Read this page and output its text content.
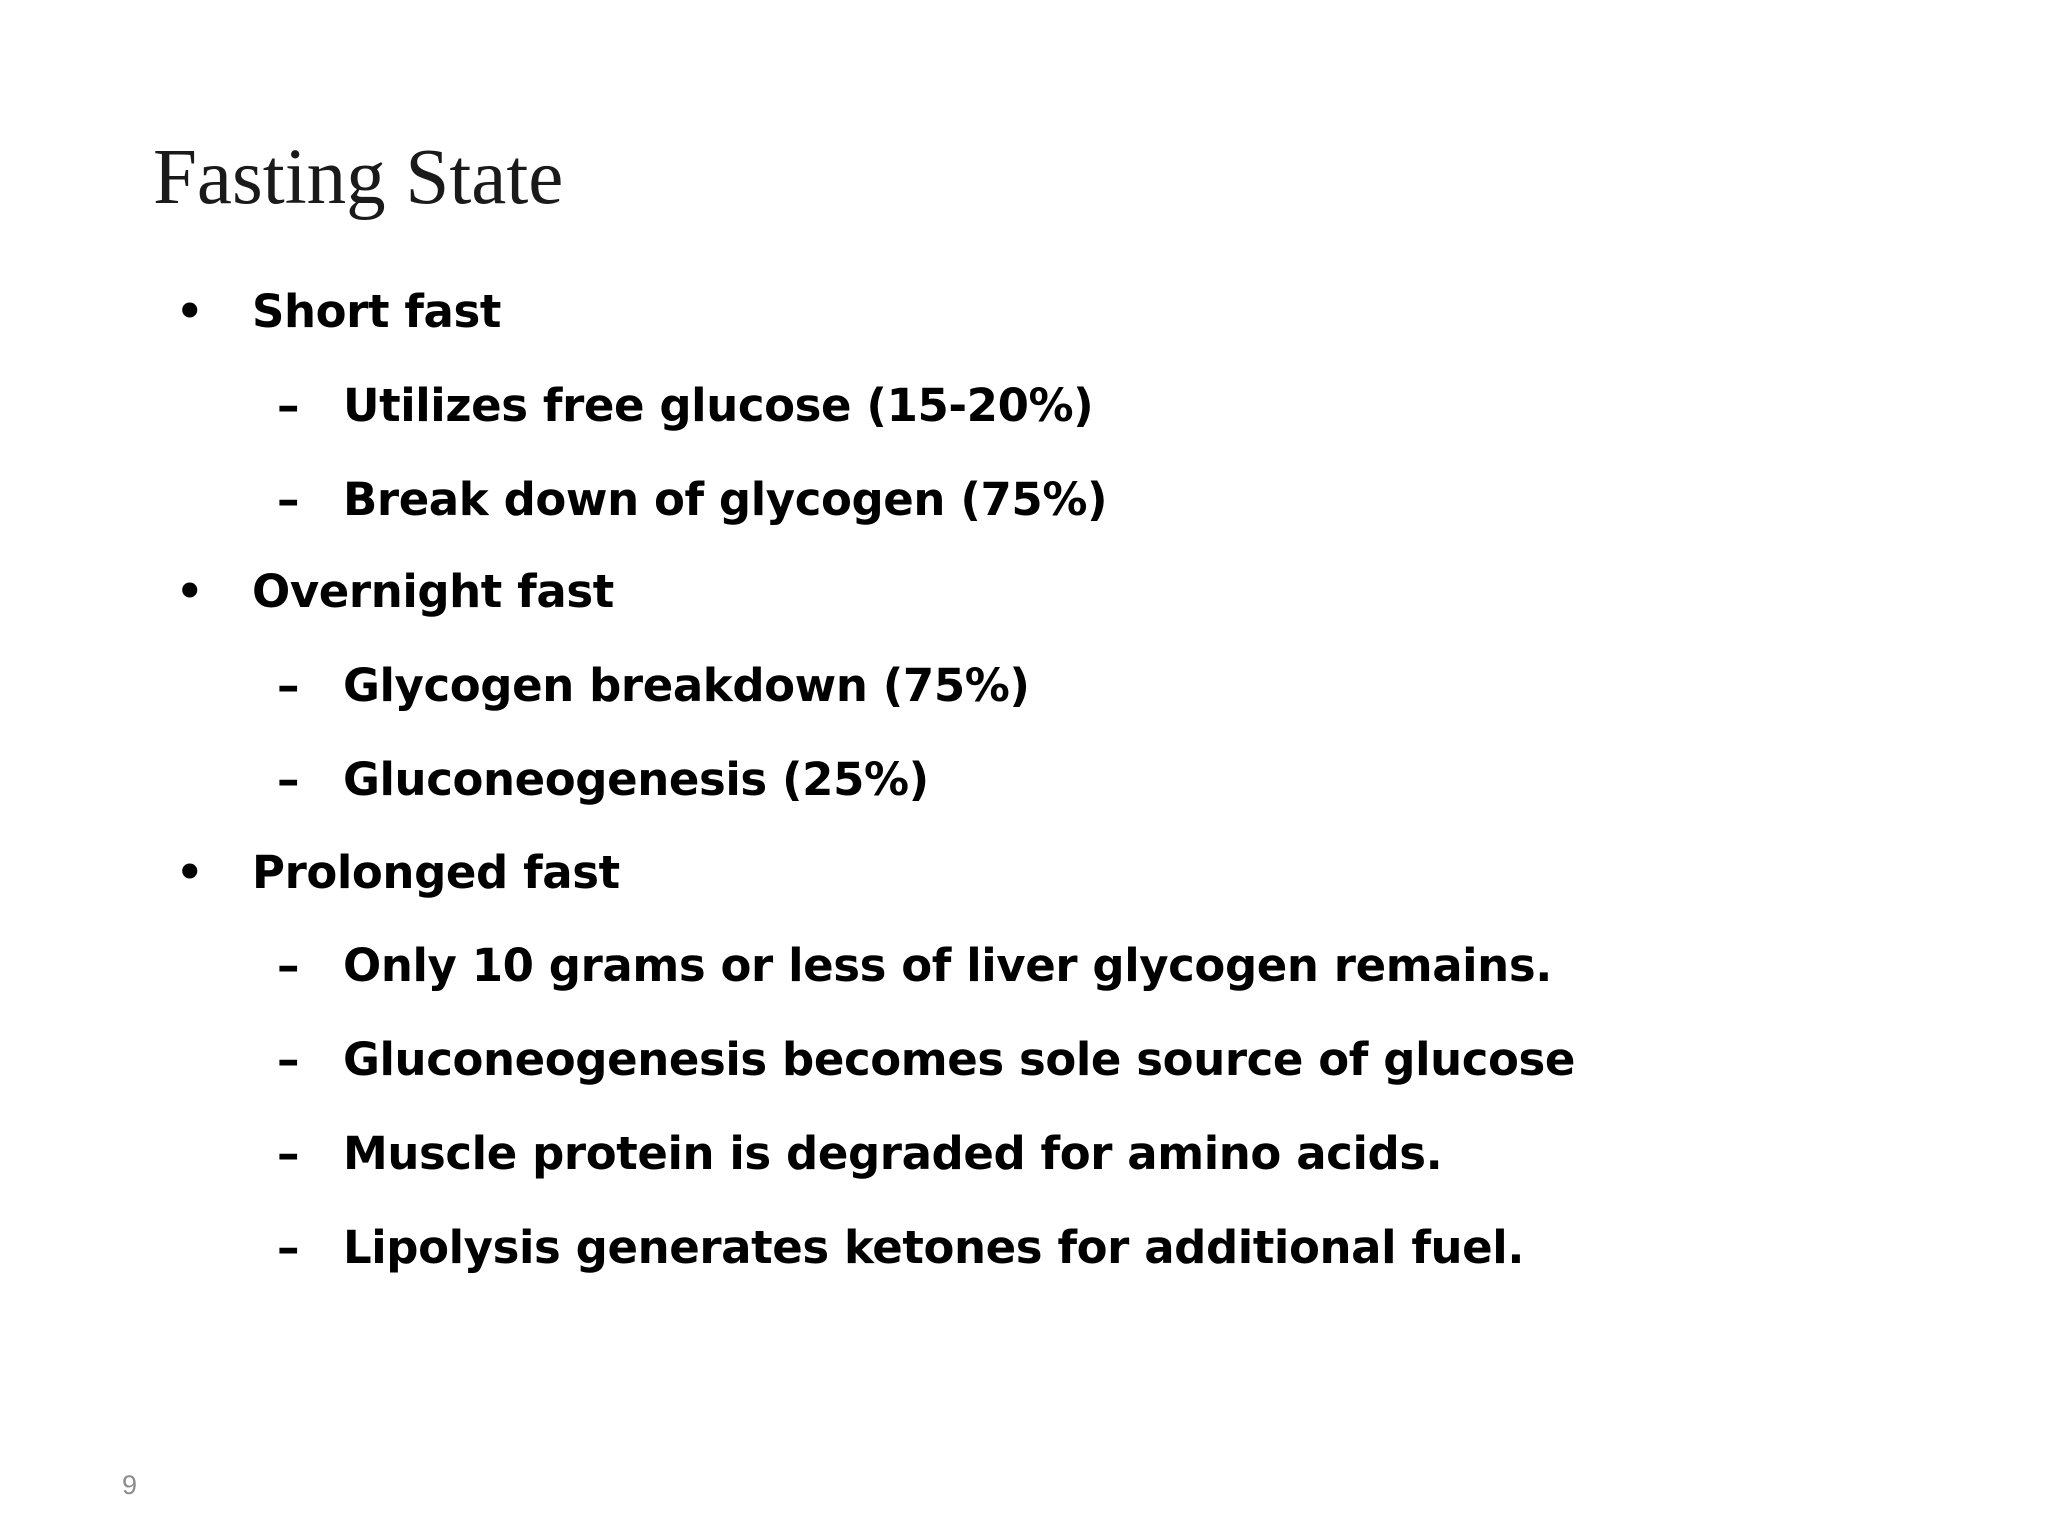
Fasting State
• Short fast
– Utilizes free glucose (15-20%)
– Break down of glycogen (75%)
• Overnight fast
– Glycogen breakdown (75%)
– Gluconeogenesis (25%)
• Prolonged fast
– Only 10 grams or less of liver glycogen remains.
– Gluconeogenesis becomes sole source of glucose
– Muscle protein is degraded for amino acids.
– Lipolysis generates ketones for additional fuel.
9
